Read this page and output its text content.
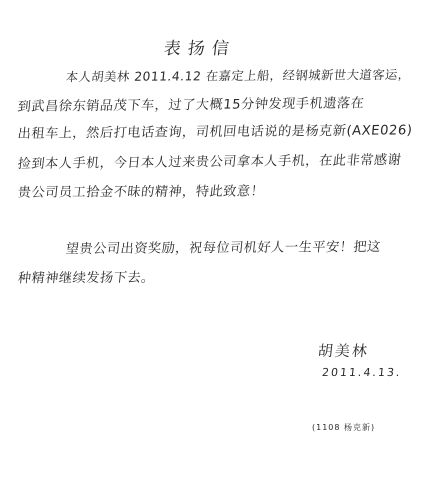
表扬信
本人胡美林 2011.4.12 在嘉定上船，经钢城新世大道客运，
到武昌徐东销品茂下车，过了大概15分钟发现手机遗落在
出租车上，然后打电话查询，司机回电话说的是杨克新(AXE026)
捡到本人手机，今日本人过来贵公司拿本人手机，在此非常感谢
贵公司员工拾金不昧的精神，特此致意！
望贵公司出资奖励，祝每位司机好人一生平安！把这
种精神继续发扬下去。
胡美林
2011.4.13.
(1108 杨克新)
